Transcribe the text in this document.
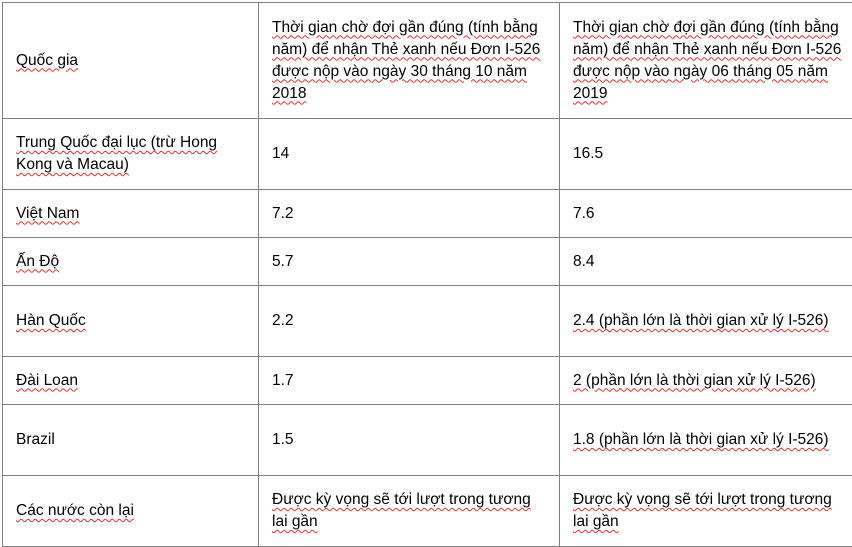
Quốc gia	Thời gian chờ đợi gần đúng (tính bằng năm) để nhận Thẻ xanh nếu Đơn I-526 được nộp vào ngày 30 tháng 10 năm 2018	Thời gian chờ đợi gần đúng (tính bằng năm) để nhận Thẻ xanh nếu Đơn I-526 được nộp vào ngày 06 tháng 05 năm 2019
Trung Quốc đại lục (trừ Hong Kong và Macau)	14	16.5
Việt Nam	7.2	7.6
Ấn Độ	5.7	8.4
Hàn Quốc	2.2	2.4 (phần lớn là thời gian xử lý I-526)
Đài Loan	1.7	2 (phần lớn là thời gian xử lý I-526)
Brazil	1.5	1.8 (phần lớn là thời gian xử lý I-526)
Các nước còn lại	Được kỳ vọng sẽ tới lượt trong tương lai gần	Được kỳ vọng sẽ tới lượt trong tương lai gần
